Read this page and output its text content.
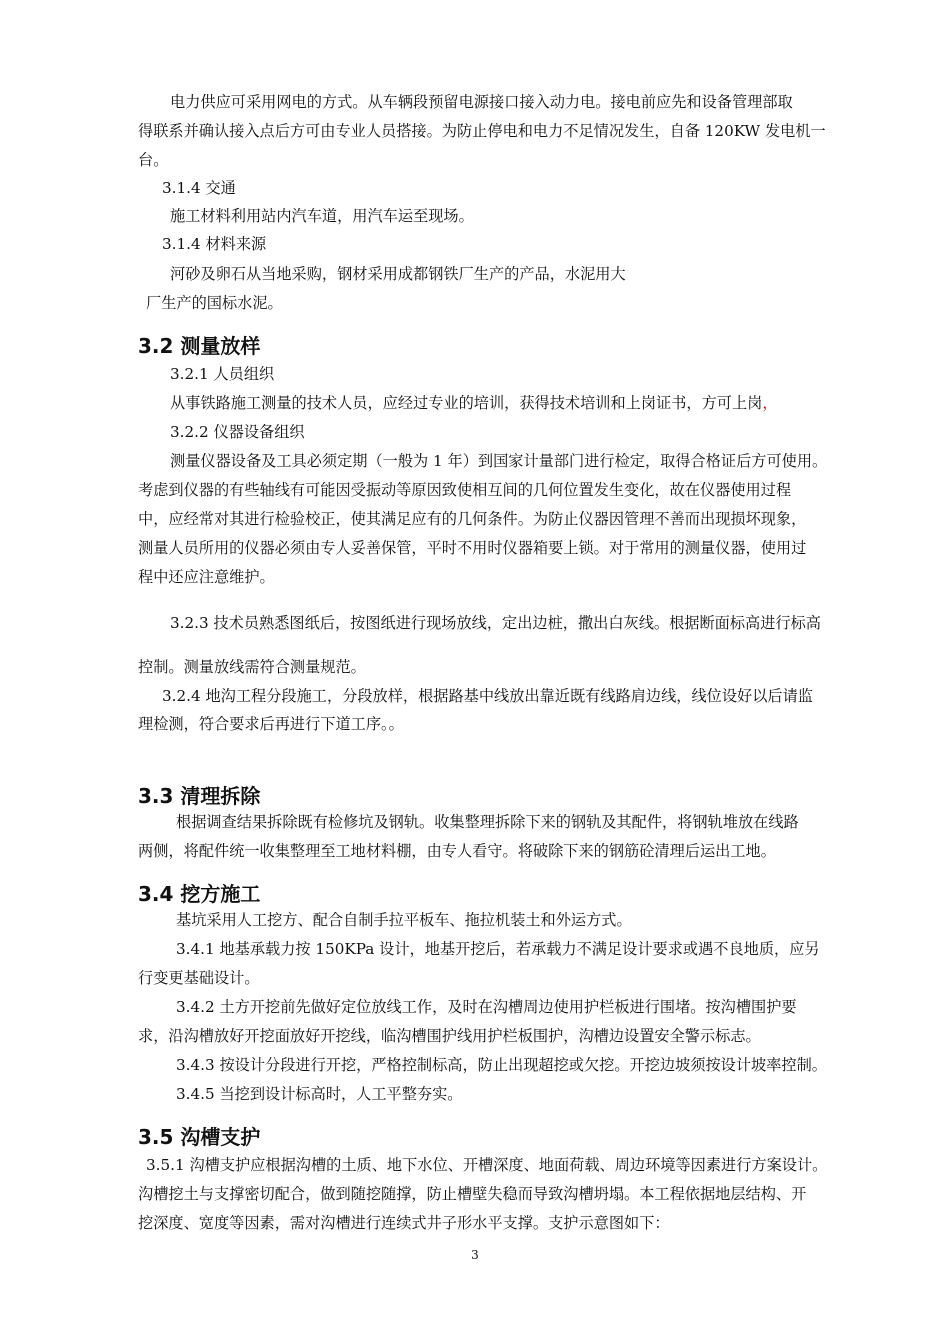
电力供应可采用网电的方式。从车辆段预留电源接口接入动力电。接电前应先和设备管理部取
得联系并确认接入点后方可由专业人员搭接。为防止停电和电力不足情况发生，自备 120KW 发电机一
台。
3.1.4 交通
施工材料利用站内汽车道，用汽车运至现场。
3.1.4 材料来源
河砂及卵石从当地采购，钢材采用成都钢铁厂生产的产品，水泥用大
厂生产的国标水泥。
3.2 测量放样
3.2.1 人员组织
从事铁路施工测量的技术人员，应经过专业的培训，获得技术培训和上岗证书，方可上岗，
3.2.2 仪器设备组织
测量仪器设备及工具必须定期（一般为 1 年）到国家计量部门进行检定，取得合格证后方可使用。
考虑到仪器的有些轴线有可能因受振动等原因致使相互间的几何位置发生变化，故在仪器使用过程
中，应经常对其进行检验校正，使其满足应有的几何条件。为防止仪器因管理不善而出现损坏现象，
测量人员所用的仪器必须由专人妥善保管，平时不用时仪器箱要上锁。对于常用的测量仪器，使用过
程中还应注意维护。
3.2.3 技术员熟悉图纸后，按图纸进行现场放线，定出边桩，撒出白灰线。根据断面标高进行标高
控制。测量放线需符合测量规范。
3.2.4 地沟工程分段施工，分段放样，根据路基中线放出靠近既有线路肩边线，线位设好以后请监
理检测，符合要求后再进行下道工序。。
3.3 清理拆除
根据调查结果拆除既有检修坑及钢轨。收集整理拆除下来的钢轨及其配件，将钢轨堆放在线路
两侧，将配件统一收集整理至工地材料棚，由专人看守。将破除下来的钢筋砼清理后运出工地。
3.4 挖方施工
基坑采用人工挖方、配合自制手拉平板车、拖拉机装土和外运方式。
3.4.1 地基承载力按 150KPa 设计，地基开挖后，若承载力不满足设计要求或遇不良地质，应另
行变更基础设计。
3.4.2 土方开挖前先做好定位放线工作，及时在沟槽周边使用护栏板进行围堵。按沟槽围护要
求，沿沟槽放好开挖面放好开挖线，临沟槽围护线用护栏板围护，沟槽边设置安全警示标志。
3.4.3 按设计分段进行开挖，严格控制标高，防止出现超挖或欠挖。开挖边坡须按设计坡率控制。
3.4.5 当挖到设计标高时，人工平整夯实。
3.5 沟槽支护
3.5.1 沟槽支护应根据沟槽的土质、地下水位、开槽深度、地面荷载、周边环境等因素进行方案设计。
沟槽挖土与支撑密切配合，做到随挖随撑，防止槽壁失稳而导致沟槽坍塌。本工程依据地层结构、开
挖深度、宽度等因素，需对沟槽进行连续式井子形水平支撑。支护示意图如下：
3
